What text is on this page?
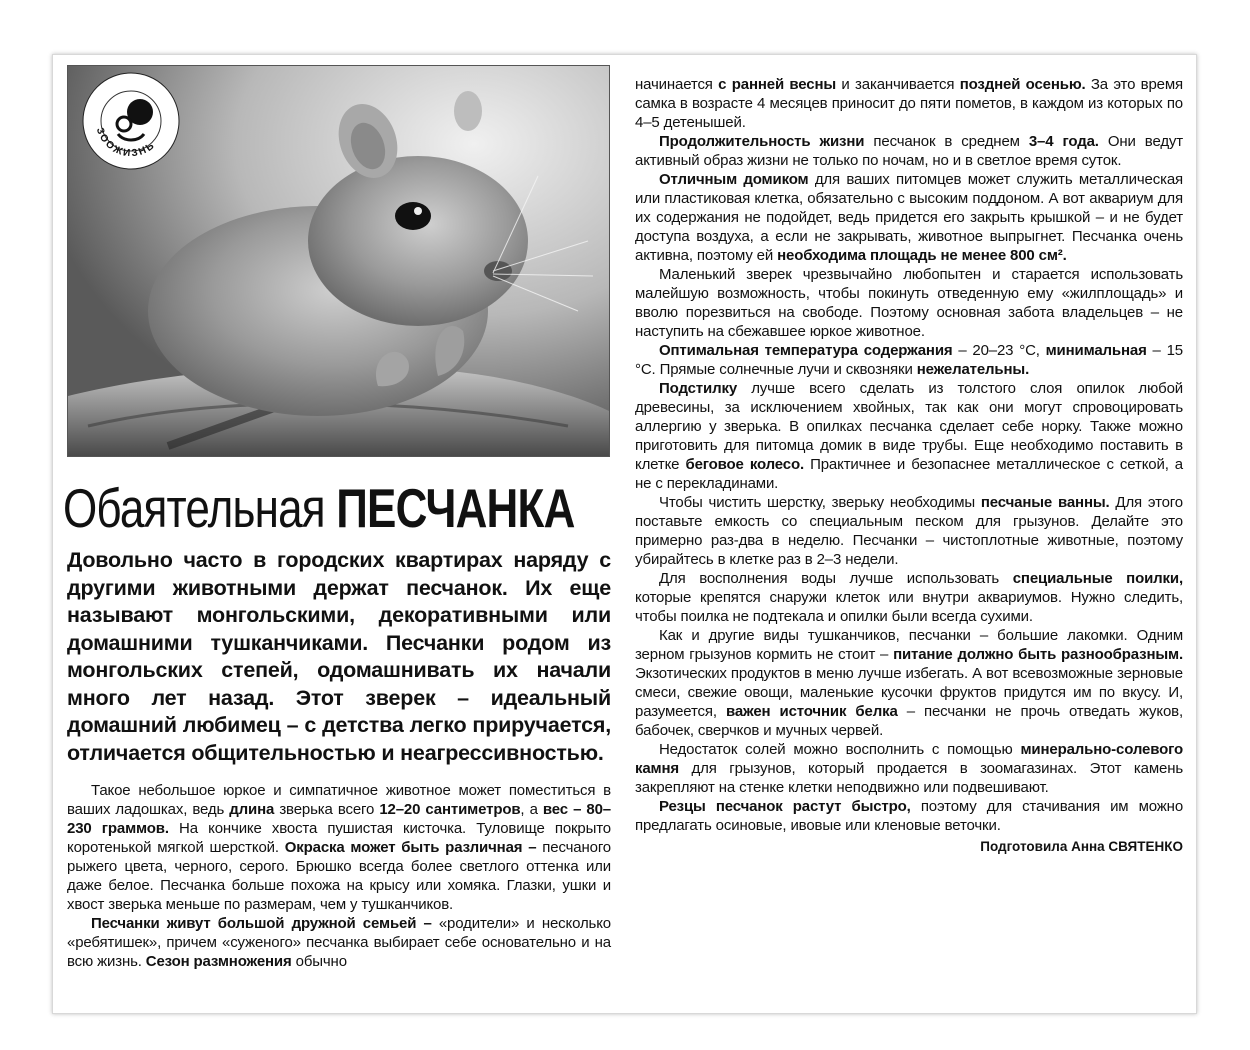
ЗООЖИЗНЬ
Обаятельная ПЕСЧАНКА
Довольно часто в городских квартирах наряду с другими животными держат песчанок. Их еще называют монгольскими, декоративными или домашними тушканчиками. Песчанки родом из монгольских степей, одомашнивать их начали много лет назад. Этот зверек – идеальный домашний любимец – с детства легко приручается, отличается общительностью и неагрессивностью.

Такое небольшое юркое и симпатичное животное может поместиться в ваших ладошках, ведь длина зверька всего 12–20 сантиметров, а вес – 80–230 граммов. На кончике хвоста пушистая кисточка. Туловище покрыто коротенькой мягкой шерсткой. Окраска может быть различная – песчаного рыжего цвета, черного, серого. Брюшко всегда более светлого оттенка или даже белое. Песчанка больше похожа на крысу или хомяка. Глазки, ушки и хвост зверька меньше по размерам, чем у тушканчиков.

Песчанки живут большой дружной семьей – «родители» и несколько «ребятишек», причем «суженого» песчанка выбирает себе основательно и на всю жизнь. Сезон размножения обычно

начинается с ранней весны и заканчивается поздней осенью. За это время самка в возрасте 4 месяцев приносит до пяти пометов, в каждом из которых по 4–5 детенышей.

Продолжительность жизни песчанок в среднем 3–4 года. Они ведут активный образ жизни не только по ночам, но и в светлое время суток.

Отличным домиком для ваших питомцев может служить металлическая или пластиковая клетка, обязательно с высоким поддоном. А вот аквариум для их содержания не подойдет, ведь придется его закрыть крышкой – и не будет доступа воздуха, а если не закрывать, животное выпрыгнет. Песчанка очень активна, поэтому ей необходима площадь не менее 800 см².

Маленький зверек чрезвычайно любопытен и старается использовать малейшую возможность, чтобы покинуть отведенную ему «жилплощадь» и вволю порезвиться на свободе. Поэтому основная забота владельцев – не наступить на сбежавшее юркое животное.

Оптимальная температура содержания – 20–23 °С, минимальная – 15 °С. Прямые солнечные лучи и сквозняки нежелательны.

Подстилку лучше всего сделать из толстого слоя опилок любой древесины, за исключением хвойных, так как они могут спровоцировать аллергию у зверька. В опилках песчанка сделает себе норку. Также можно приготовить для питомца домик в виде трубы. Еще необходимо поставить в клетке беговое колесо. Практичнее и безопаснее металлическое с сеткой, а не с перекладинами.

Чтобы чистить шерстку, зверьку необходимы песчаные ванны. Для этого поставьте емкость со специальным песком для грызунов. Делайте это примерно раз-два в неделю. Песчанки – чистоплотные животные, поэтому убирайтесь в клетке раз в 2–3 недели.

Для восполнения воды лучше использовать специальные поилки, которые крепятся снаружи клеток или внутри аквариумов. Нужно следить, чтобы поилка не подтекала и опилки были всегда сухими.

Как и другие виды тушканчиков, песчанки – большие лакомки. Одним зерном грызунов кормить не стоит – питание должно быть разнообразным. Экзотических продуктов в меню лучше избегать. А вот всевозможные зерновые смеси, свежие овощи, маленькие кусочки фруктов придутся им по вкусу. И, разумеется, важен источник белка – песчанки не прочь отведать жуков, бабочек, сверчков и мучных червей.

Недостаток солей можно восполнить с помощью минерально-солевого камня для грызунов, который продается в зоомагазинах. Этот камень закрепляют на стенке клетки неподвижно или подвешивают.

Резцы песчанок растут быстро, поэтому для стачивания им можно предлагать осиновые, ивовые или кленовые веточки.

Подготовила Анна СВЯТЕНКО
